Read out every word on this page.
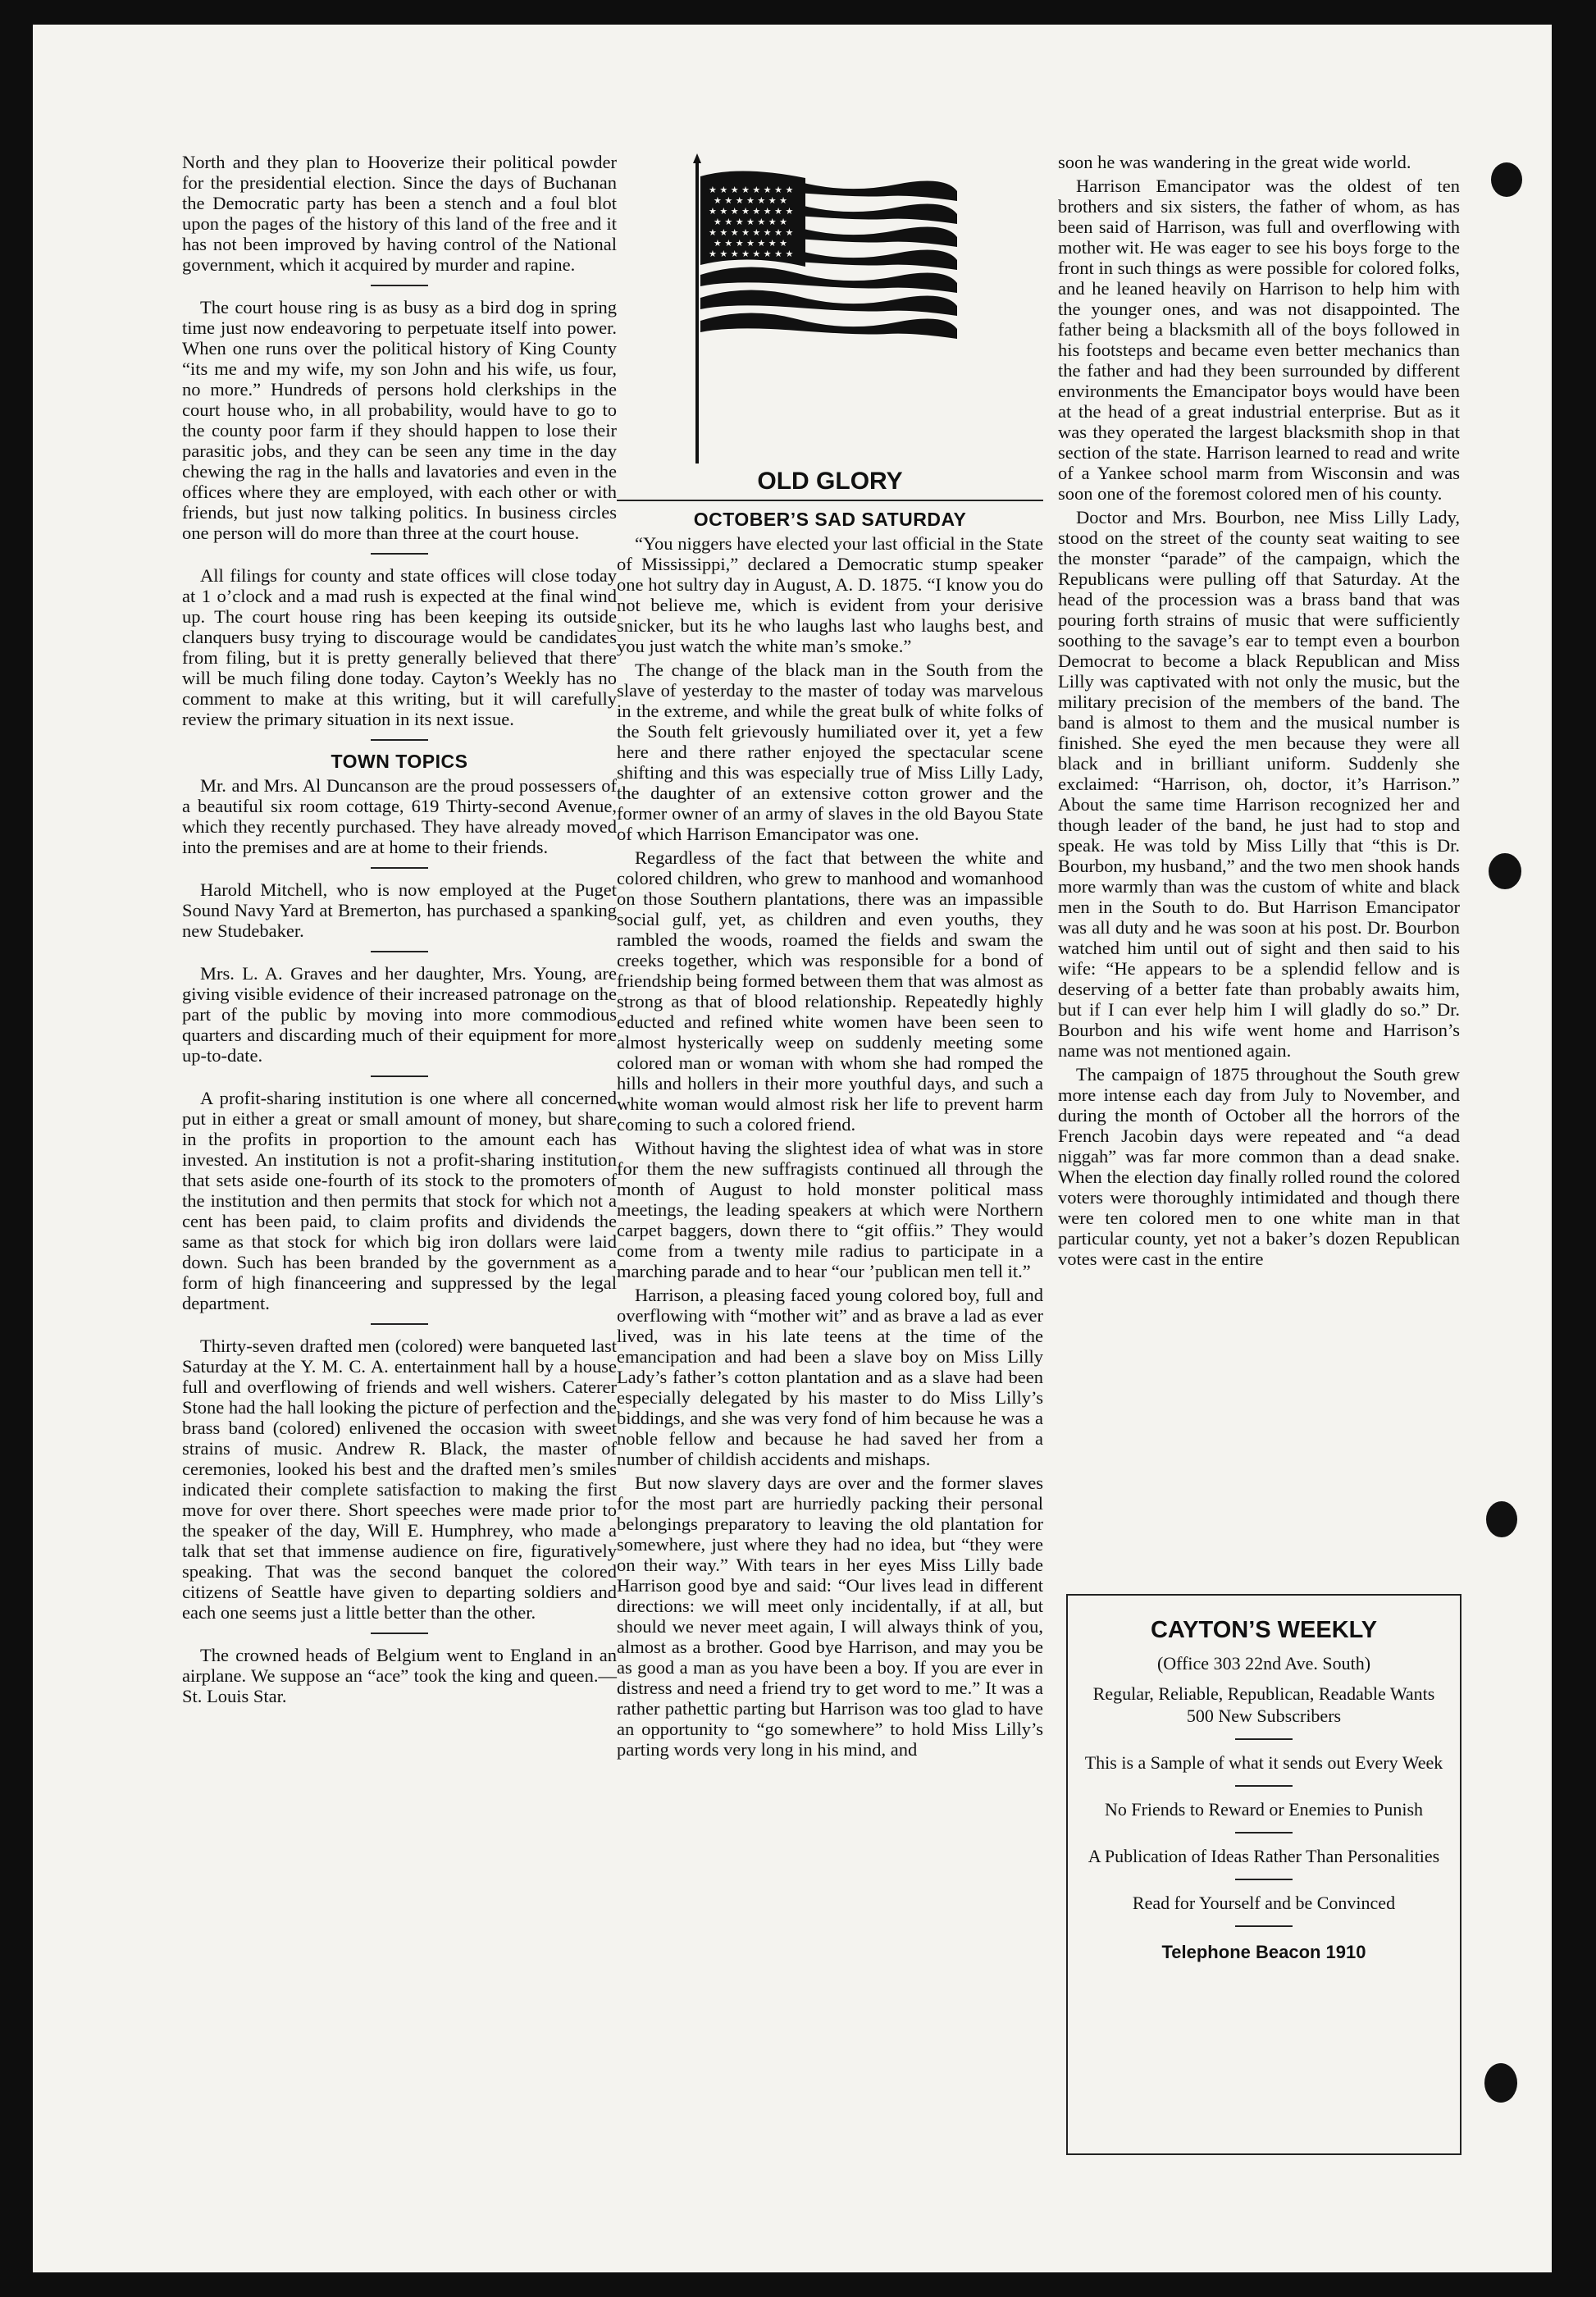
North and they plan to Hooverize their political powder for the presidential election. Since the days of Buchanan the Democratic party has been a stench and a foul blot upon the pages of the history of this land of the free and it has not been improved by having control of the National government, which it acquired by murder and rapine.

The court house ring is as busy as a bird dog in spring time just now endeavoring to perpetuate itself into power. When one runs over the political history of King County “its me and my wife, my son John and his wife, us four, no more.” Hundreds of persons hold clerkships in the court house who, in all probability, would have to go to the county poor farm if they should happen to lose their parasitic jobs, and they can be seen any time in the day chewing the rag in the halls and lavatories and even in the offices where they are employed, with each other or with friends, but just now talking politics. In business circles one person will do more than three at the court house.

All filings for county and state offices will close today at 1 o’clock and a mad rush is expected at the final wind up. The court house ring has been keeping its outside clanquers busy trying to discourage would be candidates from filing, but it is pretty generally believed that there will be much filing done today. Cayton’s Weekly has no comment to make at this writing, but it will carefully review the primary situation in its next issue.

TOWN TOPICS

Mr. and Mrs. Al Duncanson are the proud possessers of a beautiful six room cottage, 619 Thirty-second Avenue, which they recently purchased. They have already moved into the premises and are at home to their friends.

Harold Mitchell, who is now employed at the Puget Sound Navy Yard at Bremerton, has purchased a spanking new Studebaker.

Mrs. L. A. Graves and her daughter, Mrs. Young, are giving visible evidence of their increased patronage on the part of the public by moving into more commodious quarters and discarding much of their equipment for more up-to-date.

A profit-sharing institution is one where all concerned put in either a great or small amount of money, but share in the profits in proportion to the amount each has invested. An institution is not a profit-sharing institution that sets aside one-fourth of its stock to the promoters of the institution and then permits that stock for which not a cent has been paid, to claim profits and dividends the same as that stock for which big iron dollars were laid down. Such has been branded by the government as a form of high financeering and suppressed by the legal department.

Thirty-seven drafted men (colored) were banqueted last Saturday at the Y. M. C. A. entertainment hall by a house full and overflowing of friends and well wishers. Caterer Stone had the hall looking the picture of perfection and the brass band (colored) enlivened the occasion with sweet strains of music. Andrew R. Black, the master of ceremonies, looked his best and the drafted men’s smiles indicated their complete satisfaction to making the first move for over there. Short speeches were made prior to the speaker of the day, Will E. Humphrey, who made a talk that set that immense audience on fire, figuratively speaking. That was the second banquet the colored citizens of Seattle have given to departing soldiers and each one seems just a little better than the other.

The crowned heads of Belgium went to England in an airplane. We suppose an “ace” took the king and queen.—St. Louis Star.

★ ★ ★ ★ ★ ★ ★ ★
★ ★ ★ ★ ★ ★ ★
★ ★ ★ ★ ★ ★ ★ ★
★ ★ ★ ★ ★ ★ ★
★ ★ ★ ★ ★ ★ ★ ★
★ ★ ★ ★ ★ ★ ★
★ ★ ★ ★ ★ ★ ★ ★
OLD GLORY
OCTOBER’S SAD SATURDAY

“You niggers have elected your last official in the State of Mississippi,” declared a Democratic stump speaker one hot sultry day in August, A. D. 1875. “I know you do not believe me, which is evident from your derisive snicker, but its he who laughs last who laughs best, and you just watch the white man’s smoke.”

The change of the black man in the South from the slave of yesterday to the master of today was marvelous in the extreme, and while the great bulk of white folks of the South felt grievously humiliated over it, yet a few here and there rather enjoyed the spectacular scene shifting and this was especially true of Miss Lilly Lady, the daughter of an extensive cotton grower and the former owner of an army of slaves in the old Bayou State of which Harrison Emancipator was one.

Regardless of the fact that between the white and colored children, who grew to manhood and womanhood on those Southern plantations, there was an impassible social gulf, yet, as children and even youths, they rambled the woods, roamed the fields and swam the creeks together, which was responsible for a bond of friendship being formed between them that was almost as strong as that of blood relationship. Repeatedly highly educted and refined white women have been seen to almost hysterically weep on suddenly meeting some colored man or woman with whom she had romped the hills and hollers in their more youthful days, and such a white woman would almost risk her life to prevent harm coming to such a colored friend.

Without having the slightest idea of what was in store for them the new suffragists continued all through the month of August to hold monster political mass meetings, the leading speakers at which were Northern carpet baggers, down there to “git offiis.” They would come from a twenty mile radius to participate in a marching parade and to hear “our ’publican men tell it.”

Harrison, a pleasing faced young colored boy, full and overflowing with “mother wit” and as brave a lad as ever lived, was in his late teens at the time of the emancipation and had been a slave boy on Miss Lilly Lady’s father’s cotton plantation and as a slave had been especially delegated by his master to do Miss Lilly’s biddings, and she was very fond of him because he was a noble fellow and because he had saved her from a number of childish accidents and mishaps.

But now slavery days are over and the former slaves for the most part are hurriedly packing their personal belongings preparatory to leaving the old plantation for somewhere, just where they had no idea, but “they were on their way.” With tears in her eyes Miss Lilly bade Harrison good bye and said: “Our lives lead in different directions: we will meet only incidentally, if at all, but should we never meet again, I will always think of you, almost as a brother. Good bye Harrison, and may you be as good a man as you have been a boy. If you are ever in distress and need a friend try to get word to me.” It was a rather pathettic parting but Harrison was too glad to have an opportunity to “go somewhere” to hold Miss Lilly’s parting words very long in his mind, and

soon he was wandering in the great wide world.

Harrison Emancipator was the oldest of ten brothers and six sisters, the father of whom, as has been said of Harrison, was full and overflowing with mother wit. He was eager to see his boys forge to the front in such things as were possible for colored folks, and he leaned heavily on Harrison to help him with the younger ones, and was not disappointed. The father being a blacksmith all of the boys followed in his footsteps and became even better mechanics than the father and had they been surrounded by different environments the Emancipator boys would have been at the head of a great industrial enterprise. But as it was they operated the largest blacksmith shop in that section of the state. Harrison learned to read and write of a Yankee school marm from Wisconsin and was soon one of the foremost colored men of his county.

Doctor and Mrs. Bourbon, nee Miss Lilly Lady, stood on the street of the county seat waiting to see the monster “parade” of the campaign, which the Republicans were pulling off that Saturday. At the head of the procession was a brass band that was pouring forth strains of music that were sufficiently soothing to the savage’s ear to tempt even a bourbon Democrat to become a black Republican and Miss Lilly was captivated with not only the music, but the military precision of the members of the band. The band is almost to them and the musical number is finished. She eyed the men because they were all black and in brilliant uniform. Suddenly she exclaimed: “Harrison, oh, doctor, it’s Harrison.” About the same time Harrison recognized her and though leader of the band, he just had to stop and speak. He was told by Miss Lilly that “this is Dr. Bourbon, my husband,” and the two men shook hands more warmly than was the custom of white and black men in the South to do. But Harrison Emancipator was all duty and he was soon at his post. Dr. Bourbon watched him until out of sight and then said to his wife: “He appears to be a splendid fellow and is deserving of a better fate than probably awaits him, but if I can ever help him I will gladly do so.” Dr. Bourbon and his wife went home and Harrison’s name was not mentioned again.

The campaign of 1875 throughout the South grew more intense each day from July to November, and during the month of October all the horrors of the French Jacobin days were repeated and “a dead niggah” was far more common than a dead snake. When the election day finally rolled round the colored voters were thoroughly intimidated and though there were ten colored men to one white man in that particular county, yet not a baker’s dozen Republican votes were cast in the entire

CAYTON’S WEEKLY
(Office 303 22nd Ave. South)
Regular, Reliable, Republican, Readable Wants 500 New Subscribers
This is a Sample of what it sends out Every Week
No Friends to Reward or Enemies to Punish
A Publication of Ideas Rather Than Personalities
Read for Yourself and be Convinced
Telephone Beacon 1910
